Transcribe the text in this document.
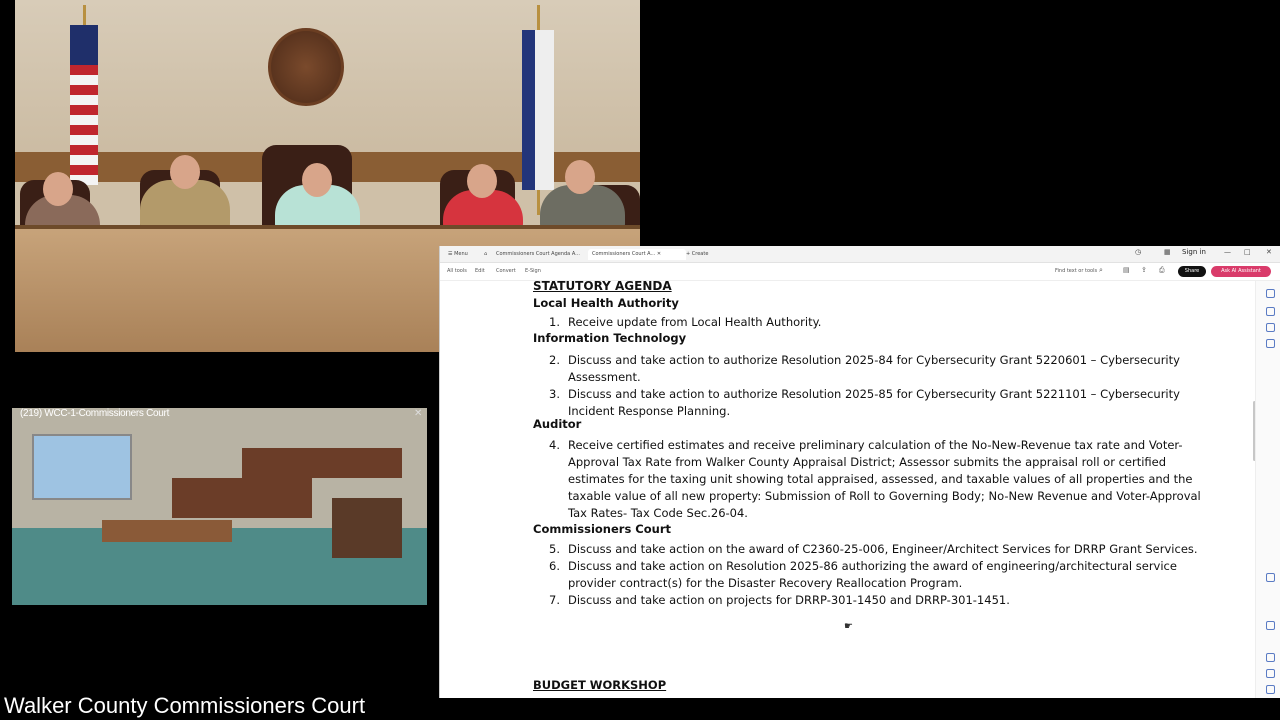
(219) WCC-1-Commissioners Court	✕
Walker County Commissioners Court
☰ Menu	⌂	Commissioners Court Agenda A...	Commissioners Court A... ✕	+ Create	◷	▦ Sign in	— □ ✕
All tools Edit Convert E-Sign	Find text or tools ⌕	▤ ⇪ ⎙	Share	Ask AI Assistant
STATUTORY AGENDA
Local Health Authority
1. Receive update from Local Health Authority.
Information Technology
2. Discuss and take action to authorize Resolution 2025-84 for Cybersecurity Grant 5220601 – Cybersecurity Assessment.
3. Discuss and take action to authorize Resolution 2025-85 for Cybersecurity Grant 5221101 – Cybersecurity Incident Response Planning.
Auditor
4. Receive certified estimates and receive preliminary calculation of the No-New-Revenue tax rate and Voter-Approval Tax Rate from Walker County Appraisal District; Assessor submits the appraisal roll or certified estimates for the taxing unit showing total appraised, assessed, and taxable values of all properties and the taxable value of all new property: Submission of Roll to Governing Body; No-New Revenue and Voter-Approval Tax Rates- Tax Code Sec.26-04.
Commissioners Court
5. Discuss and take action on the award of C2360-25-006, Engineer/Architect Services for DRRP Grant Services.
6. Discuss and take action on Resolution 2025-86 authorizing the award of engineering/architectural service provider contract(s) for the Disaster Recovery Reallocation Program.
7. Discuss and take action on projects for DRRP-301-1450 and DRRP-301-1451.
☛
BUDGET WORKSHOP
